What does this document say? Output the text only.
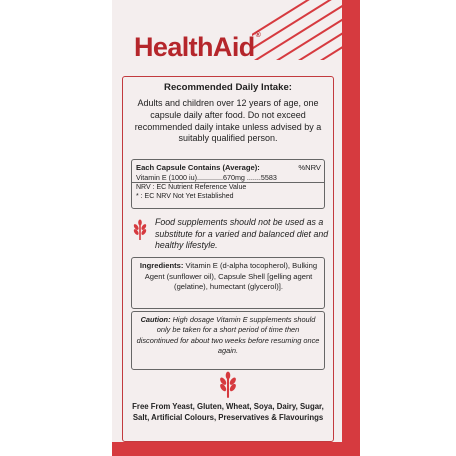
HealthAid®
Recommended Daily Intake:
Adults and children over 12 years of age, one capsule daily after food. Do not exceed recommended daily intake unless advised by a suitably qualified person.
Each Capsule Contains (Average):	%NRV
Vitamin E (1000 iu).............670mg .......5583
NRV : EC Nutrient Reference Value
* : EC NRV Not Yet Established
Food supplements should not be used as a substitute for a varied and balanced diet and healthy lifestyle.
Ingredients: Vitamin E (d-alpha tocopherol), Bulking Agent (sunflower oil), Capsule Shell [gelling agent (gelatine), humectant (glycerol)].
Caution: High dosage Vitamin E supplements should only be taken for a short period of time then discontinued for about two weeks before resuming once again.
Free From Yeast, Gluten, Wheat, Soya, Dairy, Sugar, Salt, Artificial Colours, Preservatives & Flavourings
